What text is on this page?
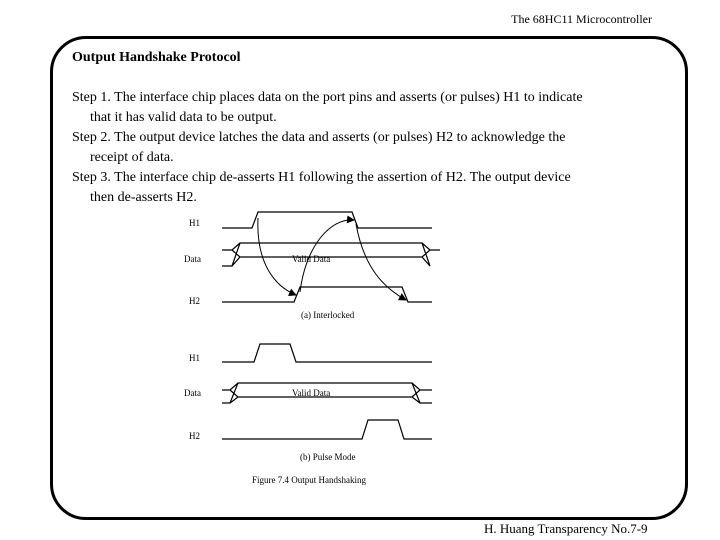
The 68HC11 Microcontroller
Output Handshake Protocol

Step 1. The interface chip places data on the port pins and asserts (or pulses) H1 to indicate
that it has valid data to be output.

Step 2. The output device latches the data and asserts (or pulses) H2 to acknowledge the
receipt of data.

Step 3. The interface chip de-asserts H1 following the assertion of H2. The output device
then de-asserts H2.

H1
Data
H2
Valid Data
(a) Interlocked
H1
Data
H2
Valid Data
(b) Pulse Mode
Figure 7.4 Output Handshaking
H. Huang Transparency No.7-9
